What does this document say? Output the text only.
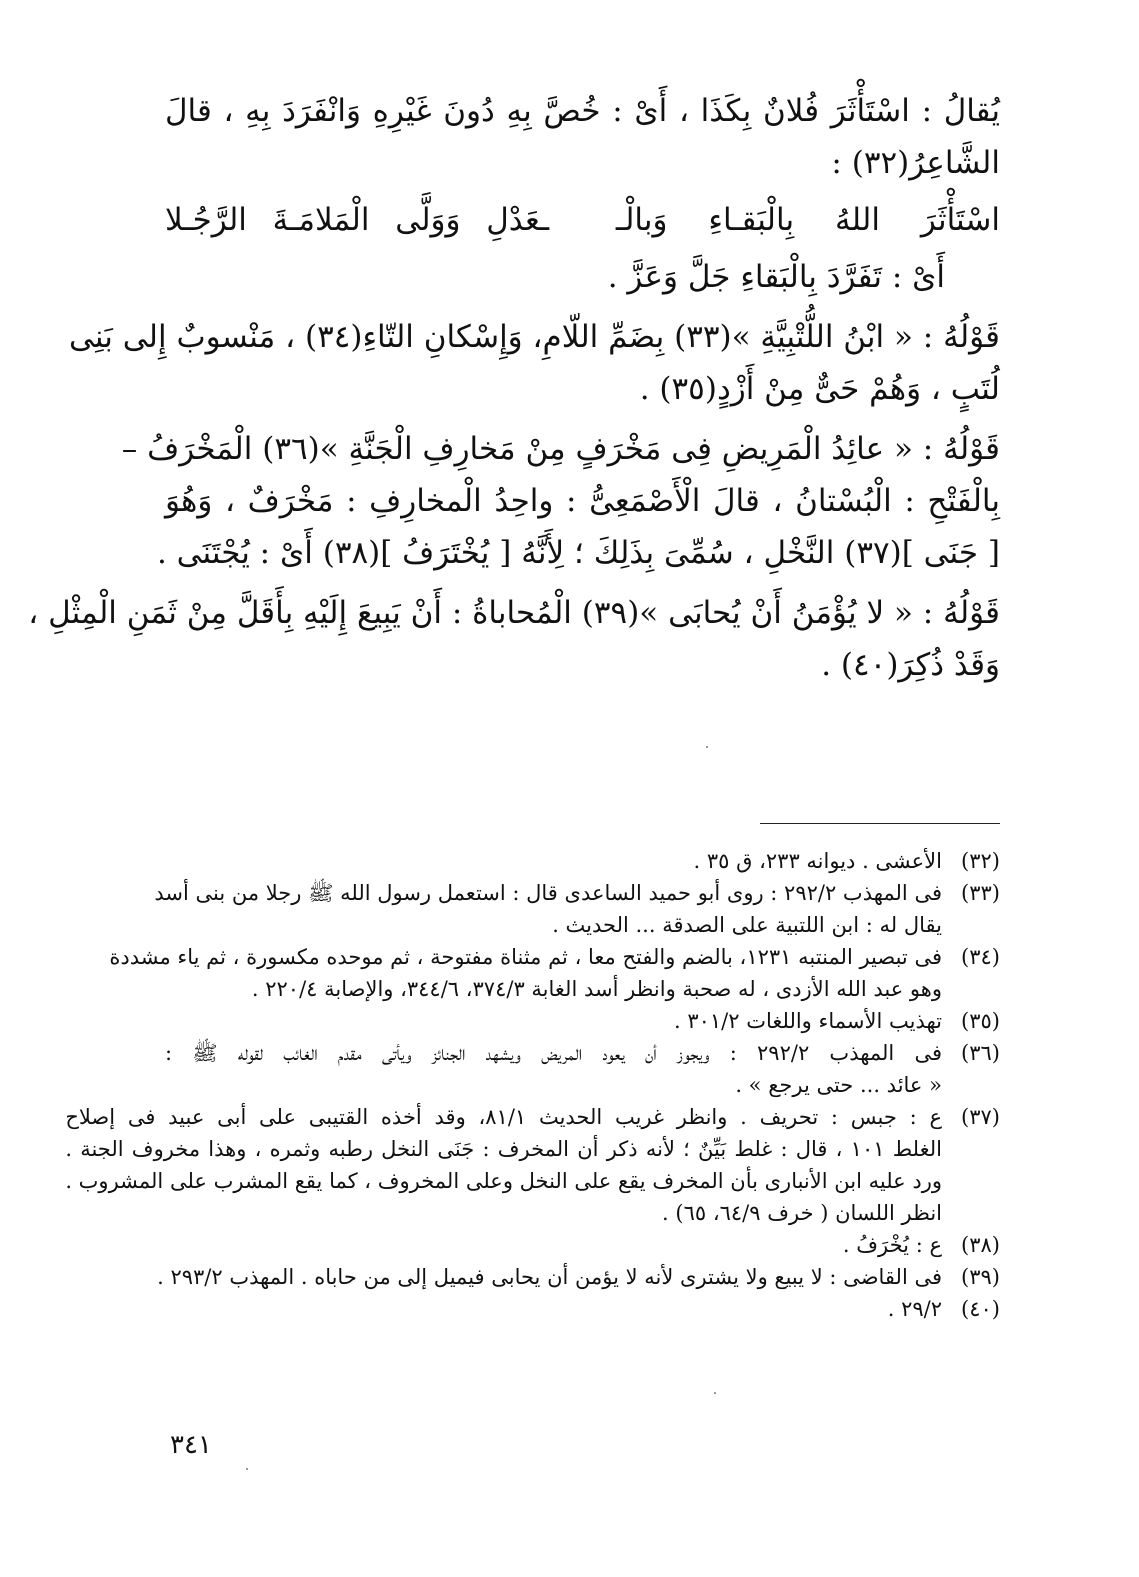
يُقالُ : اسْتَأْثَرَ فُلانٌ بِكَذَا ، أَىْ : خُصَّ بِهِ دُونَ غَيْرِهِ وَانْفَرَدَ بِهِ ، قالَ
الشَّاعِرُ(٣٢) :
اسْتَأْثَرَ اللهُ بِالْبَقـاءِ وَبالْـ
ـعَدْلِ وَوَلَّى الْمَلامَـةَ الرَّجُـلا
أَىْ : تَفَرَّدَ بِالْبَقاءِ جَلَّ وَعَزَّ .
قَوْلُهُ : « ابْنُ اللُّتْبِيَّةِ »(٣٣) بِضَمِّ اللّامِ، وَإِسْكانِ التّاءِ(٣٤) ، مَنْسوبٌ إِلى بَنِى
لُتَبٍ ، وَهُمْ حَىٌّ مِنْ أَزْدٍ(٣٥) .
قَوْلُهُ : « عائِدُ الْمَرِيضِ فِى مَخْرَفٍ مِنْ مَخارِفِ الْجَنَّةِ »(٣٦) الْمَخْرَفُ –
بِالْفَتْحِ : الْبُسْتانُ ، قالَ الْأَصْمَعِىُّ : واحِدُ الْمخارِفِ : مَخْرَفٌ ، وَهُوَ
[ جَنَى ](٣٧) النَّخْلِ ، سُمِّىَ بِذَلِكَ ؛ لِأَنَّهُ [ يُخْتَرَفُ ](٣٨) أَىْ : يُجْتَنَى .
قَوْلُهُ : « لا يُؤْمَنُ أَنْ يُحابَى »(٣٩) الْمُحاباةُ : أَنْ يَبِيعَ إِلَيْهِ بِأَقَلَّ مِنْ ثَمَنِ الْمِثْلِ ،
وَقَدْ ذُكِرَ(٤٠) .
(٣٢)
الأعشى . ديوانه ٢٣٣، ق ٣٥ .
(٣٣)
فى المهذب ٢٩٢/٢ : روى أبو حميد الساعدى قال : استعمل رسول الله ﷺ رجلا من بنى أسد
يقال له : ابن اللتبية على الصدقة ... الحديث .
(٣٤)
فى تبصير المنتبه ١٢٣١، بالضم والفتح معا ، ثم مثناة مفتوحة ، ثم موحده مكسورة ، ثم ياء مشددة
وهو عبد الله الأزدى ، له صحبة وانظر أسد الغابة ٣٧٤/٣، ٣٤٤/٦، والإصابة ٢٢٠/٤ .
(٣٥)
تهذيب الأسماء واللغات ٣٠١/٢ .
(٣٦)
فى المهذب ٢٩٢/٢ : ويجوز أن يعود المريض ويشهد الجنائز ويأتى مقدم الغائب لقوله ﷺ :
« عائد ... حتى يرجع » .
(٣٧)
ع : جبس : تحريف . وانظر غريب الحديث ٨١/١، وقد أخذه القتيبى على أبى عبيد فى إصلاح
الغلط ١٠١ ، قال : غلط بَيِّنٌ ؛ لأنه ذكر أن المخرف : جَنَى النخل رطبه وثمره ، وهذا مخروف الجنة .
ورد عليه ابن الأنبارى بأن المخرف يقع على النخل وعلى المخروف ، كما يقع المشرب على المشروب .
انظر اللسان ( خرف ٦٤/٩، ٦٥) .
(٣٨)
ع : يُخْرَفُ .
(٣٩)
فى القاضى : لا يبيع ولا يشترى لأنه لا يؤمن أن يحابى فيميل إلى من حاباه . المهذب ٢٩٣/٢ .
(٤٠)
٢٩/٢ .
٣٤١
